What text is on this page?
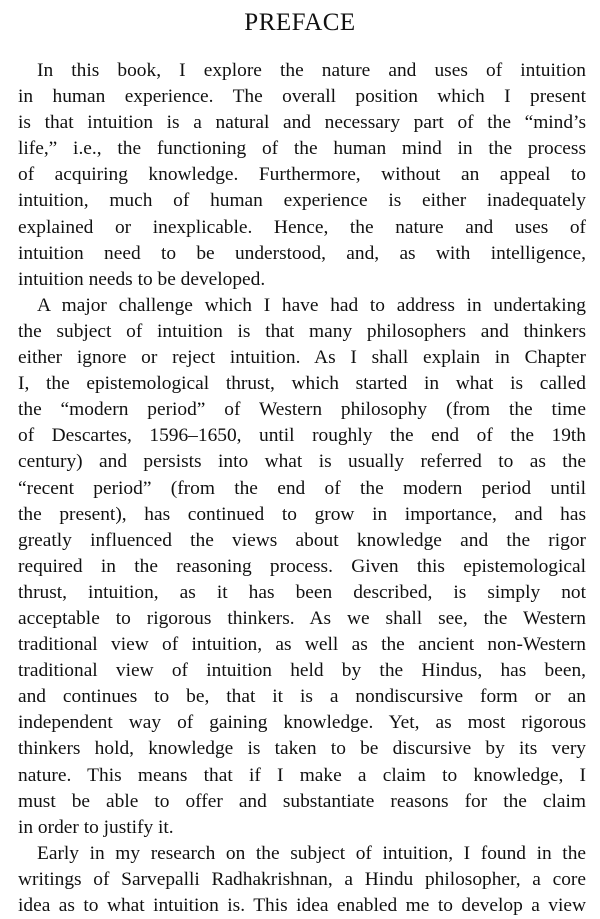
PREFACE
In this book, I explore the nature and uses of intuition
in human experience. The overall position which I present
is that intuition is a natural and necessary part of the “mind’s
life,” i.e., the functioning of the human mind in the process
of acquiring knowledge. Furthermore, without an appeal to
intuition, much of human experience is either inadequately
explained or inexplicable. Hence, the nature and uses of
intuition need to be understood, and, as with intelligence,
intuition needs to be developed.
A major challenge which I have had to address in undertaking
the subject of intuition is that many philosophers and thinkers
either ignore or reject intuition. As I shall explain in Chapter
I, the epistemological thrust, which started in what is called
the “modern period” of Western philosophy (from the time
of Descartes, 1596–1650, until roughly the end of the 19th
century) and persists into what is usually referred to as the
“recent period” (from the end of the modern period until
the present), has continued to grow in importance, and has
greatly influenced the views about knowledge and the rigor
required in the reasoning process. Given this epistemological
thrust, intuition, as it has been described, is simply not
acceptable to rigorous thinkers. As we shall see, the Western
traditional view of intuition, as well as the ancient non-Western
traditional view of intuition held by the Hindus, has been,
and continues to be, that it is a nondiscursive form or an
independent way of gaining knowledge. Yet, as most rigorous
thinkers hold, knowledge is taken to be discursive by its very
nature. This means that if I make a claim to knowledge, I
must be able to offer and substantiate reasons for the claim
in order to justify it.
Early in my research on the subject of intuition, I found in the
writings of Sarvepalli Radhakrishnan, a Hindu philosopher, a core
idea as to what intuition is. This idea enabled me to develop a view
